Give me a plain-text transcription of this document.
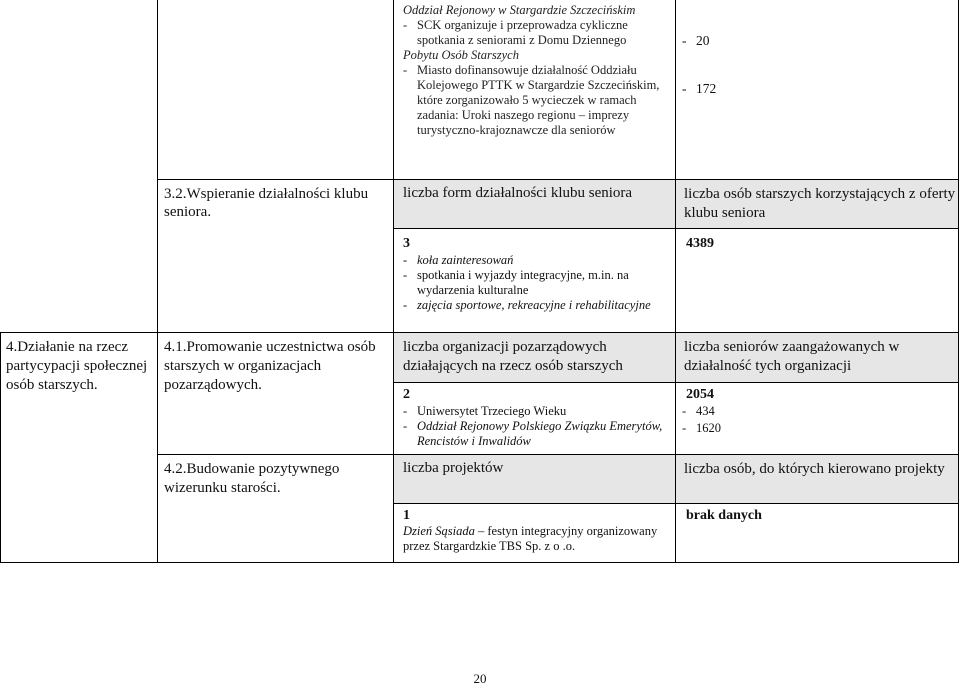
Oddział Rejonowy w Stargardzie Szczecińskim
- SCK organizuje i przeprowadza cykliczne spotkania z seniorami z Domu Dziennego
Pobytu Osób Starszych
- Miasto dofinansowuje działalność Oddziału Kolejowego PTTK w Stargardzie Szczecińskim, które zorganizowało 5 wycieczek w ramach zadania: Uroki naszego regionu – imprezy turystyczno-krajoznawcze dla seniorów
- 20
- 172
3.2.Wspieranie działalności klubu seniora.
liczba form działalności klubu seniora	liczba osób starszych korzystających z oferty klubu seniora
3
- koła zainteresowań
- spotkania i wyjazdy integracyjne, m.in. na wydarzenia kulturalne
- zajęcia sportowe, rekreacyjne i rehabilitacyjne
4389
4.Działanie na rzecz partycypacji społecznej osób starszych.
4.1.Promowanie uczestnictwa osób starszych w organizacjach pozarządowych.
liczba organizacji pozarządowych działających na rzecz osób starszych
liczba seniorów zaangażowanych w działalność tych organizacji
2
- Uniwersytet Trzeciego Wieku
- Oddział Rejonowy Polskiego Związku Emerytów, Rencistów i Inwalidów
2054
- 434
- 1620
4.2.Budowanie pozytywnego wizerunku starości.
liczba projektów	liczba osób, do których kierowano projekty
1
Dzień Sąsiada – festyn integracyjny organizowany przez Stargardzkie TBS Sp. z o .o.
brak danych
20
